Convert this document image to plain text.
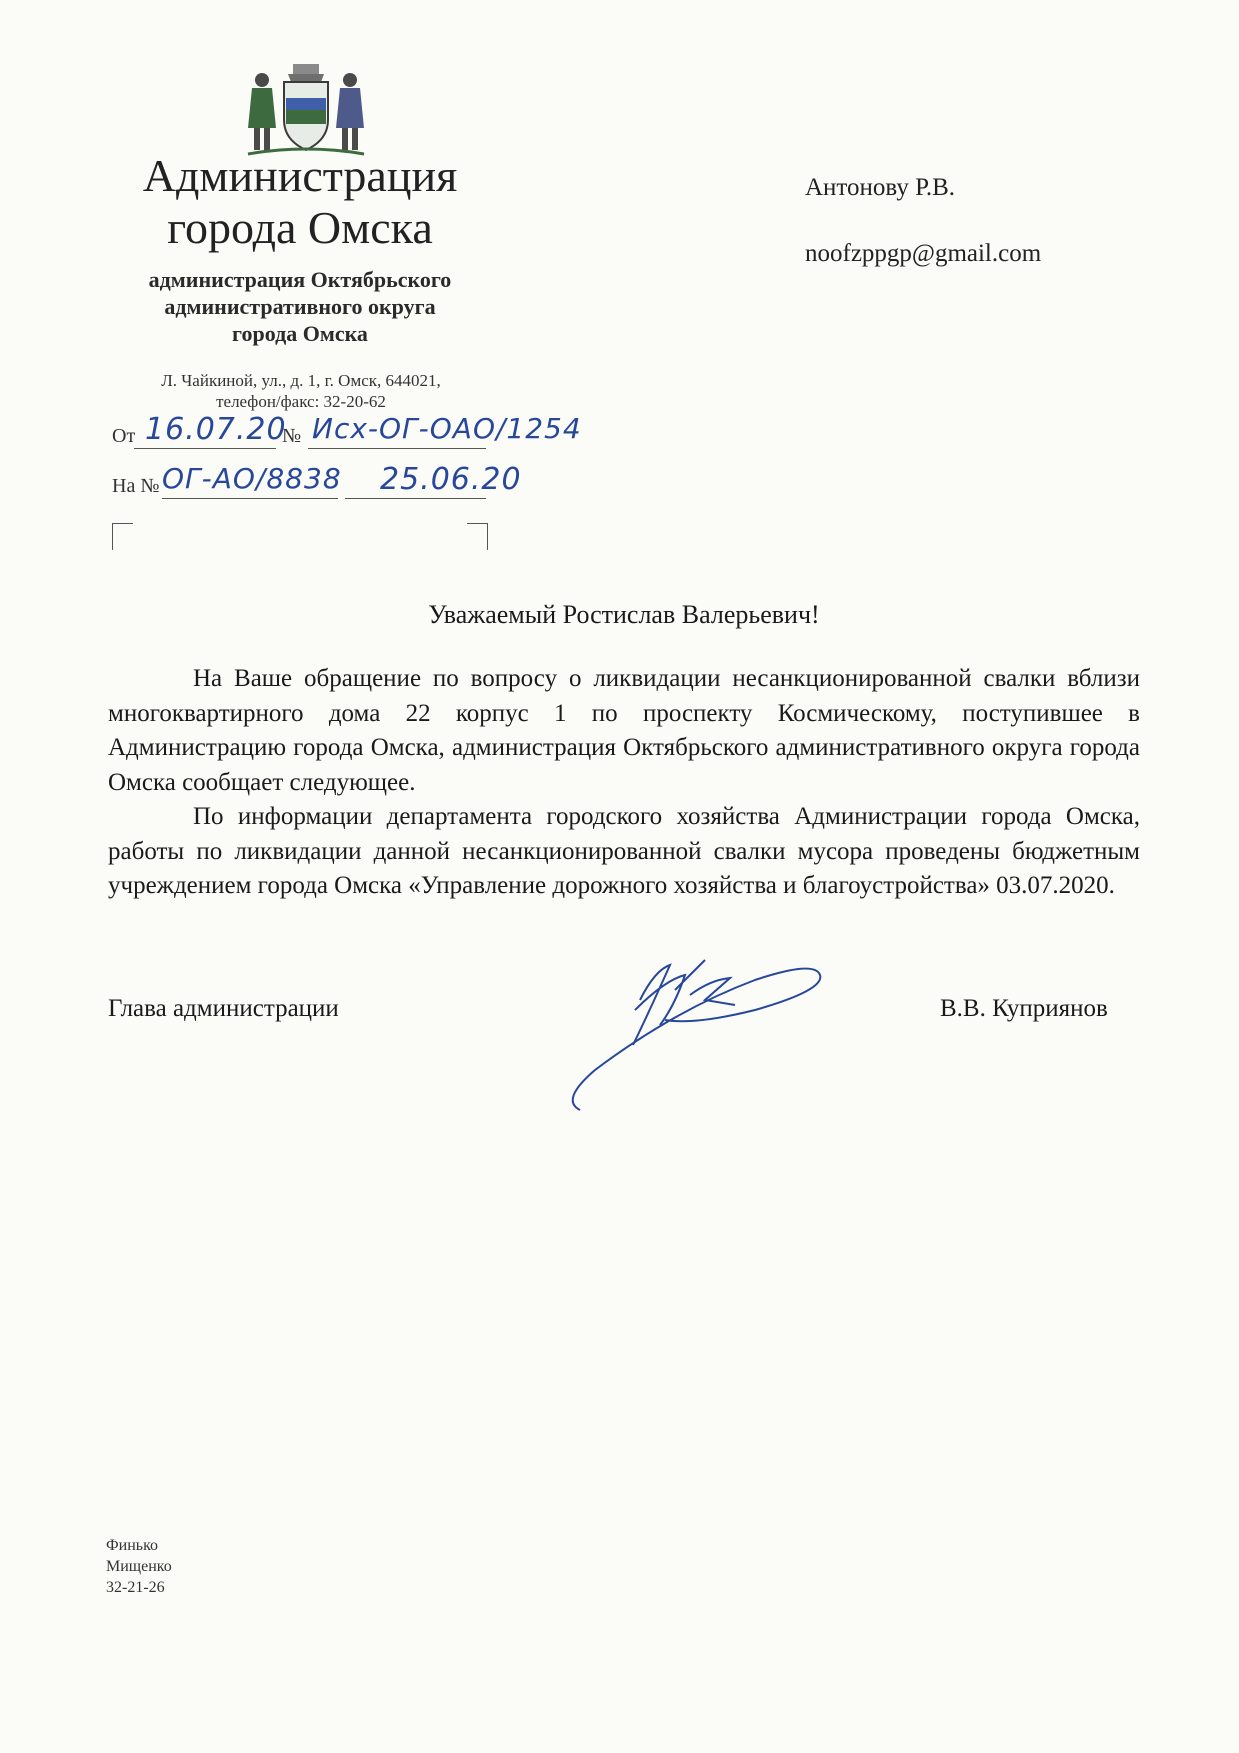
Администрация
города Омска
администрация Октябрьского
административного округа
города Омска
Л. Чайкиной, ул., д. 1, г. Омск, 644021,
телефон/факс: 32-20-62
От 16.07.20
№ Исх-ОГ-ОАО/1254
На № ОГ-АО/8838 25.06.20
Антонову Р.В.
noofzppgp@gmail.com
Уважаемый Ростислав Валерьевич!
На Ваше обращение по вопросу о ликвидации несанкционированной свалки вблизи многоквартирного дома 22 корпус 1 по проспекту Космическому, поступившее в Администрацию города Омска, администрация Октябрьского административного округа города Омска сообщает следующее.
По информации департамента городского хозяйства Администрации города Омска, работы по ликвидации данной несанкционированной свалки мусора проведены бюджетным учреждением города Омска «Управление дорожного хозяйства и благоустройства» 03.07.2020.
Глава администрации	В.В. Куприянов
Финько
Мищенко
32-21-26
